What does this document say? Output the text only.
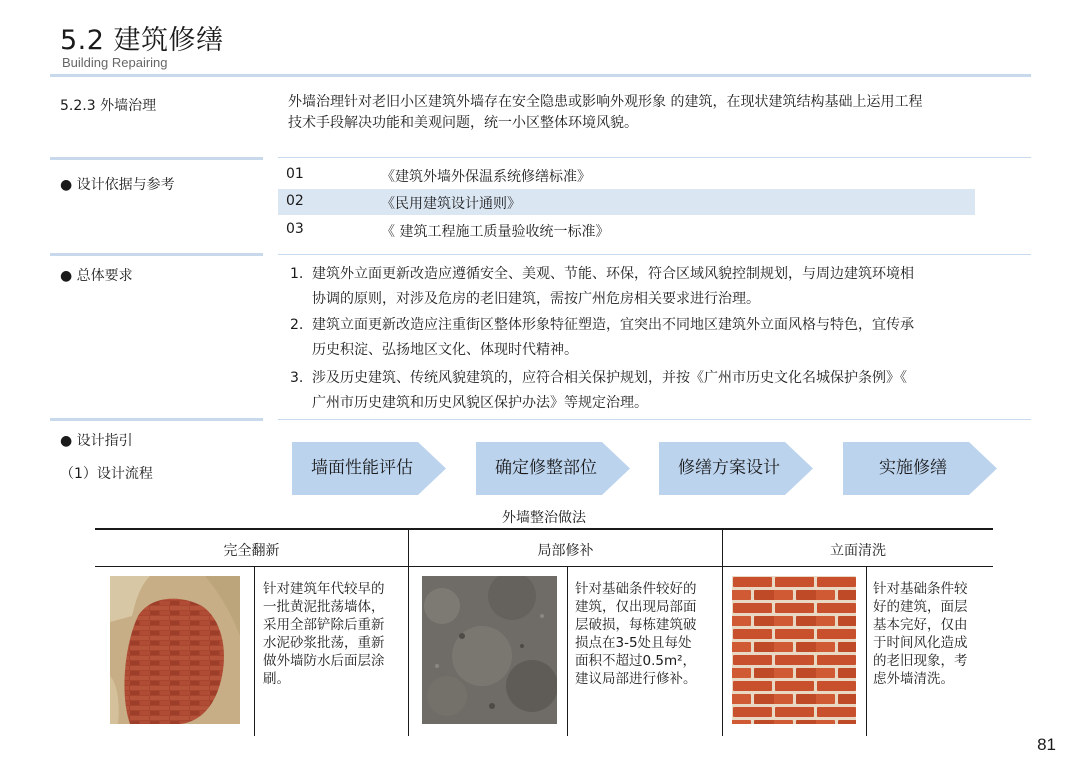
5.2 建筑修缮
Building Repairing
5.2.3 外墙治理	外墙治理针对老旧小区建筑外墙存在安全隐患或影响外观形象 的建筑，在现状建筑结构基础上运用工程
技术手段解决功能和美观问题，统一小区整体环境风貌。
● 设计依据与参考
01	《建筑外墙外保温系统修缮标准》
02	《民用建筑设计通则》
03	《 建筑工程施工质量验收统一标准》
● 总体要求	1. 建筑外立面更新改造应遵循安全、美观、节能、环保，符合区域风貌控制规划，与周边建筑环境相
协调的原则，对涉及危房的老旧建筑，需按广州危房相关要求进行治理。
2. 建筑立面更新改造应注重街区整体形象特征塑造，宜突出不同地区建筑外立面风格与特色，宜传承
历史积淀、弘扬地区文化、体现时代精神。
3. 涉及历史建筑、传统风貌建筑的，应符合相关保护规划，并按《广州市历史文化名城保护条例》《
广州市历史建筑和历史风貌区保护办法》等规定治理。
● 设计指引
（1）设计流程	墙面性能评估	确定修整部位	修缮方案设计	实施修缮
外墙整治做法
完全翻新	局部修补	立面清洗
针对建筑年代较早的
一批黄泥批荡墙体，
采用全部铲除后重新
水泥砂浆批荡，重新
做外墙防水后面层涂
刷。
针对基础条件较好的
建筑，仅出现局部面
层破损，每栋建筑破
损点在3-5处且每处
面积不超过0.5m²，
建议局部进行修补。
针对基础条件较
好的建筑，面层
基本完好，仅由
于时间风化造成
的老旧现象，考
虑外墙清洗。
81
